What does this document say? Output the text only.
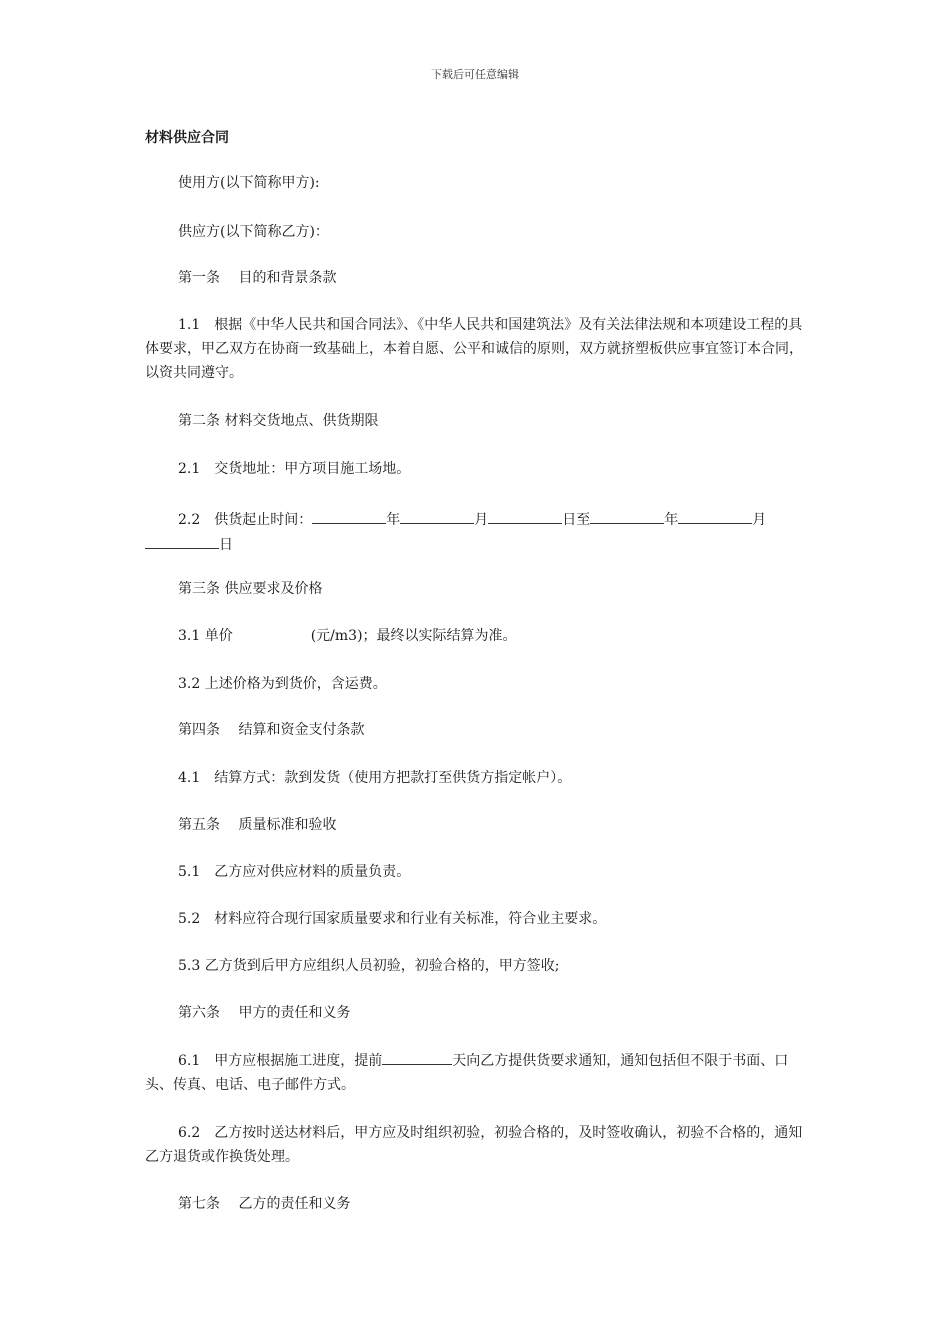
下载后可任意编辑
材料供应合同
使用方(以下简称甲方):
供应方(以下简称乙方)：
第一条　 目的和背景条款
1.1　根据《中华人民共和国合同法》、《中华人民共和国建筑法》及有关法律法规和本项建设工程的具体要求，甲乙双方在协商一致基础上，本着自愿、公平和诚信的原则，双方就挤塑板供应事宜签订本合同，以资共同遵守。
第二条 材料交货地点、供货期限
2.1　交货地址：甲方项目施工场地。
2.2　供货起止时间：	年	月	日至	年	月日
第三条 供应要求及价格
3.1 单价	(元/m3)；最终以实际结算为准。
3.2 上述价格为到货价，含运费。
第四条　 结算和资金支付条款
4.1　结算方式：款到发货（使用方把款打至供货方指定帐户）。
第五条　 质量标准和验收
5.1　乙方应对供应材料的质量负责。
5.2　材料应符合现行国家质量要求和行业有关标准，符合业主要求。
5.3 乙方货到后甲方应组织人员初验，初验合格的，甲方签收;
第六条　 甲方的责任和义务
6.1　甲方应根据施工进度，提前	天向乙方提供货要求通知，通知包括但不限于书面、口头、传真、电话、电子邮件方式。
6.2　乙方按时送达材料后，甲方应及时组织初验，初验合格的，及时签收确认，初验不合格的，通知乙方退货或作换货处理。
第七条　 乙方的责任和义务
